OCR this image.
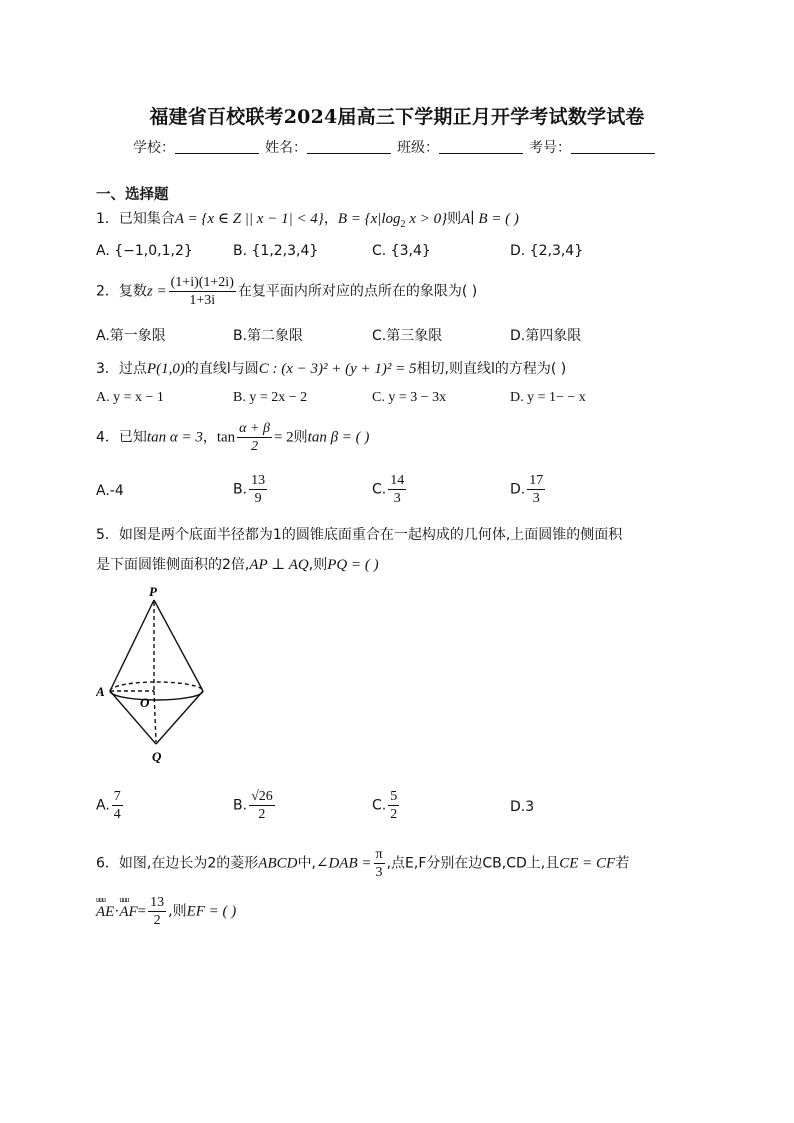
福建省百校联考2024届高三下学期正月开学考试数学试卷
学校：	姓名：	班级：	考号：
一、选择题
1．已知集合A = {x ∈ Z || x − 1| < 4}，$B = \{x|\log_2$ x > 0}则A∣ B = ( )
A. {−1,0,1,2}	B. {1,2,3,4}	C. {3,4}	D. {2,3,4}
2．复数$z = \frac{(1+i)(1+2i)}{1+3i}$ 在复平面内所对应的点所在的象限为( )
A.第一象限	B.第二象限	C.第三象限	D.第四象限
3．过点P(1,0)的直线l与圆C : (x − 3)² + (y + 1)² = 5相切,则直线l的方程为( )
A. y = x − 1	B. y = 2x − 2	C. y = 3 − 3x	D. y = 1− − x
4．已知tan α = 3，$\tan \frac{\alpha + \beta}{2} = 2$则tan β = ( )
A.-4	B. $\frac{13}{9}$	C. $\frac{14}{3}$	D. $\frac{17}{3}$
5．如图是两个底面半径都为1的圆锥底面重合在一起构成的几何体,上面圆锥的侧面积
是下面圆锥侧面积的2倍,AP ⊥ AQ,则PQ = ( )
P
A
O
Q
A. $\frac{7}{4}$	B. $\frac{√26}{2}$	C. $\frac{5}{2}$	D.3
6．如图,在边长为2的菱形ABCD中,∠DAB = $\frac{\pi}{3}$ ,点E,F分别在边CB,CD上,且CE = CF若
uuu
AE·
uuu
$AF= \frac{13}{2}$ ,则EF = ( )
